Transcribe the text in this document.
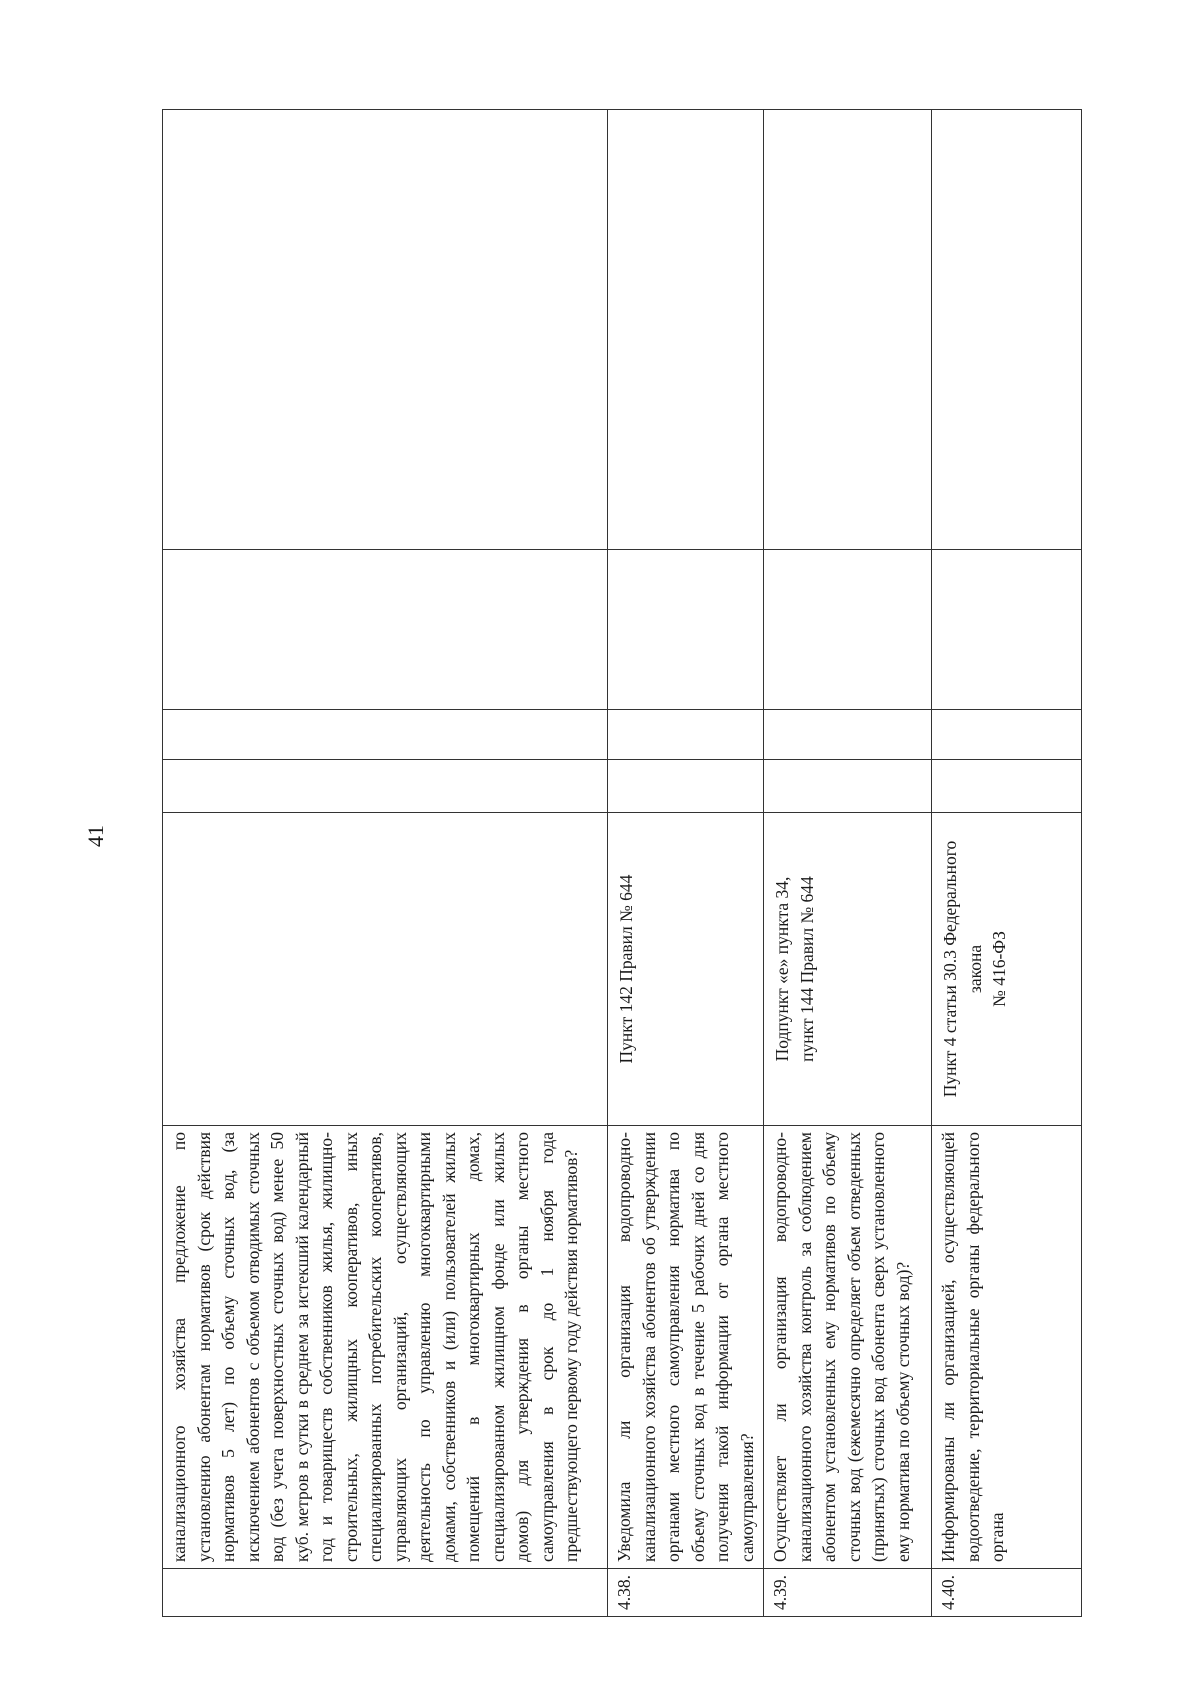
41
	канализационного хозяйства предложение по установлению абонентам нормативов (срок действия нормативов 5 лет) по объему сточных вод, (за исключением абонентов с объемом отводимых сточных вод (без учета поверхностных сточных вод) менее 50 куб. метров в сутки в среднем за истекший календарный год и товариществ собственников жилья, жилищно-строительных, жилищных кооперативов, иных специализированных потребительских кооперативов, управляющих организаций, осуществляющих деятельность по управлению многоквартирными домами, собственников и (или) пользователей жилых помещений в многоквартирных домах, специализированном жилищном фонде или жилых домов) для утверждения в органы местного самоуправления в срок до 1 ноября года предшествующего первому году действия нормативов?	

4.38.	Уведомила ли организация водопроводно-канализационного хозяйства абонентов об утверждении органами местного самоуправления норматива по объему сточных вод в течение 5 рабочих дней со дня получения такой информации от органа местного самоуправления?	Пункт 142 Правил № 644				

4.39.	Осуществляет ли организация водопроводно-канализационного хозяйства контроль за соблюдением абонентом установленных ему нормативов по объему сточных вод (ежемесячно определяет объем отведенных (принятых) сточных вод абонента сверх установленного ему норматива по объему сточных вод)?	Подпункт «е» пункта 34, пункт 144 Правил № 644				

4.40.	Информированы ли организацией, осуществляющей водоотведение, территориальные органы федерального органа	Пункт 4 статьи 30.3 Федерального закона № 416-ФЗ				
